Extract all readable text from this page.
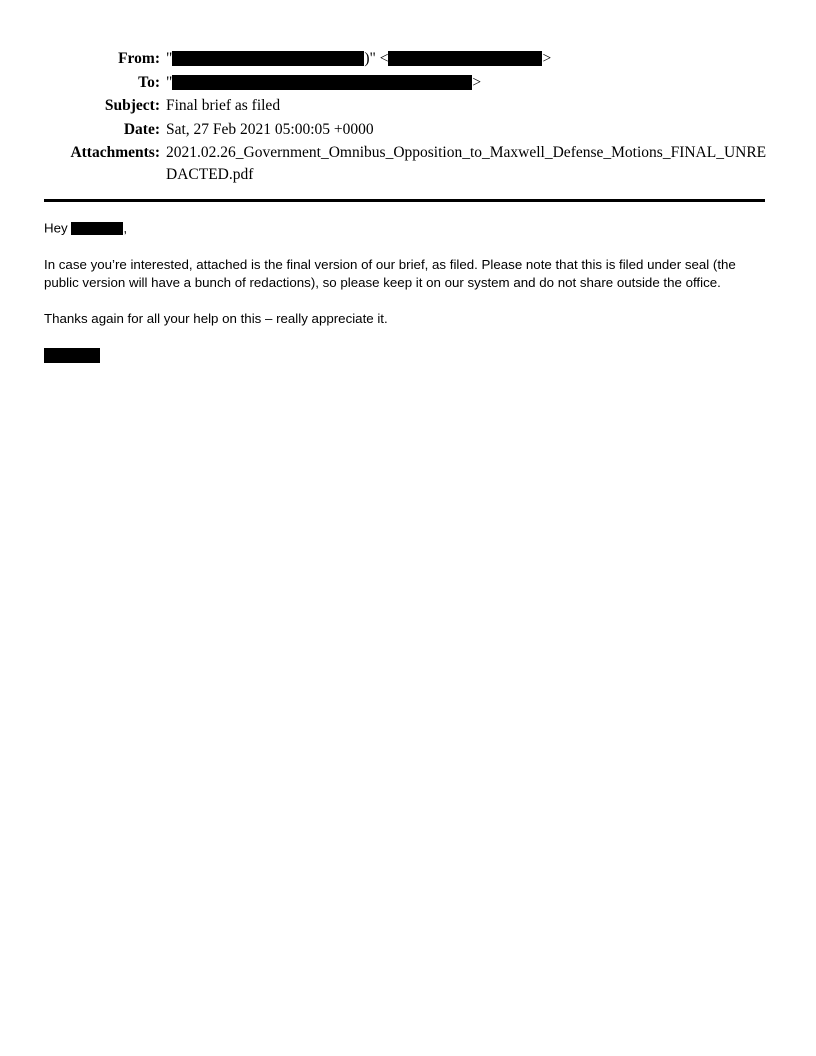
From: "	)" <	>
To: "	>
Subject: Final brief as filed
Date: Sat, 27 Feb 2021 05:00:05 +0000
Attachments: 2021.02.26_Government_Omnibus_Opposition_to_Maxwell_Defense_Motions_FINAL_UNREDACTED.pdf

Hey	,

In case you’re interested, attached is the final version of our brief, as filed. Please note that this is filed under seal (the public version will have a bunch of redactions), so please keep it on our system and do not share outside the office.

Thanks again for all your help on this – really appreciate it.
